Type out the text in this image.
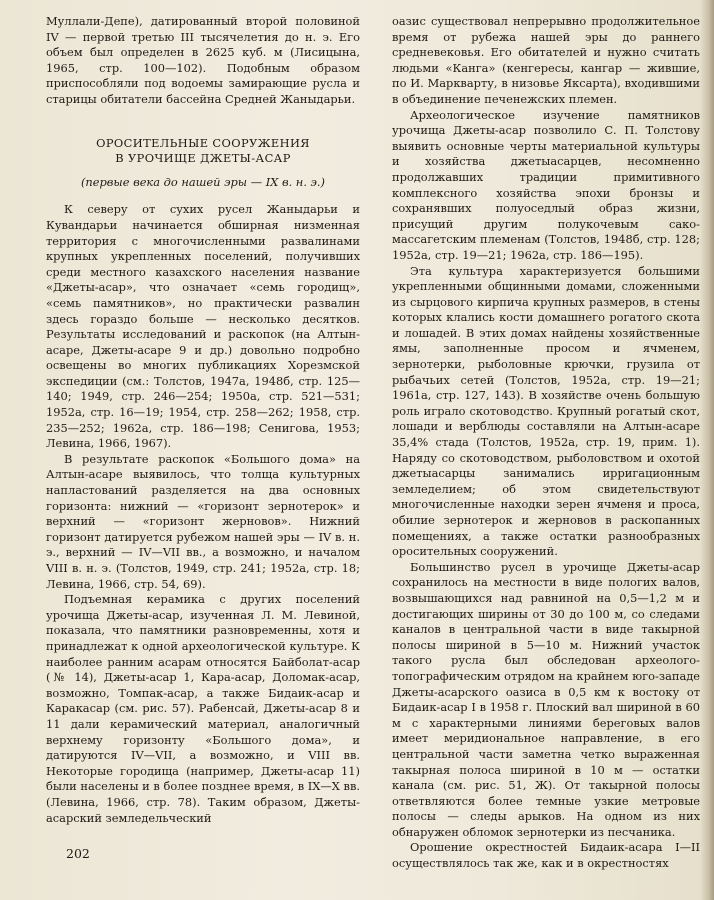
Муллали-Депе), датированный второй половиной IV — первой третью III тысячелетия до н. э. Его объем был определен в 2625 куб. м (Лисицына, 1965, стр. 100—102). Подобным образом приспособляли под водоемы замирающие русла и старицы обитатели бассейна Средней Жаныдарьи.

ОРОСИТЕЛЬНЫЕ СООРУЖЕНИЯ
В УРОЧИЩЕ ДЖЕТЫ-АСАР
(первые века до нашей эры — IX в. н. э.)

К северу от сухих русел Жаныдарьи и Кувандарьи начинается обширная низменная территория с многочисленными развалинами крупных укрепленных поселений, получивших среди местного казахского населения название «Джеты-асар», что означает «семь городищ», «семь памятников», но практически развалин здесь гораздо больше — несколько десятков. Результаты исследований и раскопок (на Алтын-асаре, Джеты-асаре 9 и др.) довольно подробно освещены во многих публикациях Хорезмской экспедиции (см.: Толстов, 1947а, 1948б, стр. 125—140; 1949, стр. 246—254; 1950а, стр. 521—531; 1952а, стр. 16—19; 1954, стр. 258—262; 1958, стр. 235—252; 1962а, стр. 186—198; Сенигова, 1953; Левина, 1966, 1967).

В результате раскопок «Большого дома» на Алтын-асаре выявилось, что толща культурных напластований разделяется на два основных горизонта: нижний — «горизонт зернотерок» и верхний — «горизонт жерновов». Нижний горизонт датируется рубежом нашей эры — IV в. н. э., верхний — IV—VII вв., а возможно, и началом VIII в. н. э. (Толстов, 1949, стр. 241; 1952а, стр. 18; Левина, 1966, стр. 54, 69).

Подъемная керамика с других поселений урочища Джеты-асар, изученная Л. М. Левиной, показала, что памятники разновременны, хотя и принадлежат к одной археологической культуре. К наиболее ранним асарам относятся Байболат-асар (№ 14), Джеты-асар 1, Кара-асар, Доломак-асар, возможно, Томпак-асар, а также Бидаик-асар и Каракасар (см. рис. 57). Рабенсай, Джеты-асар 8 и 11 дали керамический материал, аналогичный верхнему горизонту «Большого дома», и датируются IV—VII, а возможно, и VIII вв. Некоторые городища (например, Джеты-асар 11) были населены и в более позднее время, в IX—X вв. (Левина, 1966, стр. 78). Таким образом, Джеты-асарский земледельческий

оазис существовал непрерывно продолжительное время от рубежа нашей эры до раннего средневековья. Его обитателей и нужно считать людьми «Канга» (кенгересы, кангар — жившие, по И. Маркварту, в низовье Яксарта), входившими в объединение печенежских племен.

Археологическое изучение памятников урочища Джеты-асар позволило С. П. Толстову выявить основные черты материальной культуры и хозяйства джетыасарцев, несомненно продолжавших традиции примитивного комплексного хозяйства эпохи бронзы и сохранявших полуоседлый образ жизни, присущий другим полукочевым сако-массагетским племенам (Толстов, 1948б, стр. 128; 1952а, стр. 19—21; 1962а, стр. 186—195).

Эта культура характеризуется большими укрепленными общинными домами, сложенными из сырцового кирпича крупных размеров, в стены которых клались кости домашнего рогатого скота и лошадей. В этих домах найдены хозяйственные ямы, заполненные просом и ячменем, зернотерки, рыболовные крючки, грузила от рыбачьих сетей (Толстов, 1952а, стр. 19—21; 1961а, стр. 127, 143). В хозяйстве очень большую роль играло скотоводство. Крупный рогатый скот, лошади и верблюды составляли на Алтын-асаре 35,4% стада (Толстов, 1952а, стр. 19, прим. 1). Наряду со скотоводством, рыболовством и охотой джетыасарцы занимались ирригационным земледелием; об этом свидетельствуют многочисленные находки зерен ячменя и проса, обилие зернотерок и жерновов в раскопанных помещениях, а также остатки разнообразных оросительных сооружений.

Большинство русел в урочище Джеты-асар сохранилось на местности в виде пологих валов, возвышающихся над равниной на 0,5—1,2 м и достигающих ширины от 30 до 100 м, со следами каналов в центральной части в виде такырной полосы шириной в 5—10 м. Нижний участок такого русла был обследован археолого-топографическим отрядом на крайнем юго-западе Джеты-асарского оазиса в 0,5 км к востоку от Бидаик-асар I в 1958 г. Плоский вал шириной в 60 м с характерными линиями береговых валов имеет меридиональное направление, в его центральной части заметна четко выраженная такырная полоса шириной в 10 м — остатки канала (см. рис. 51, Ж). От такырной полосы ответвляются более темные узкие метровые полосы — следы арыков. На одном из них обнаружен обломок зернотерки из песчаника.

Орошение окрестностей Бидаик-асара I—II осуществлялось так же, как и в окрестностях

202
